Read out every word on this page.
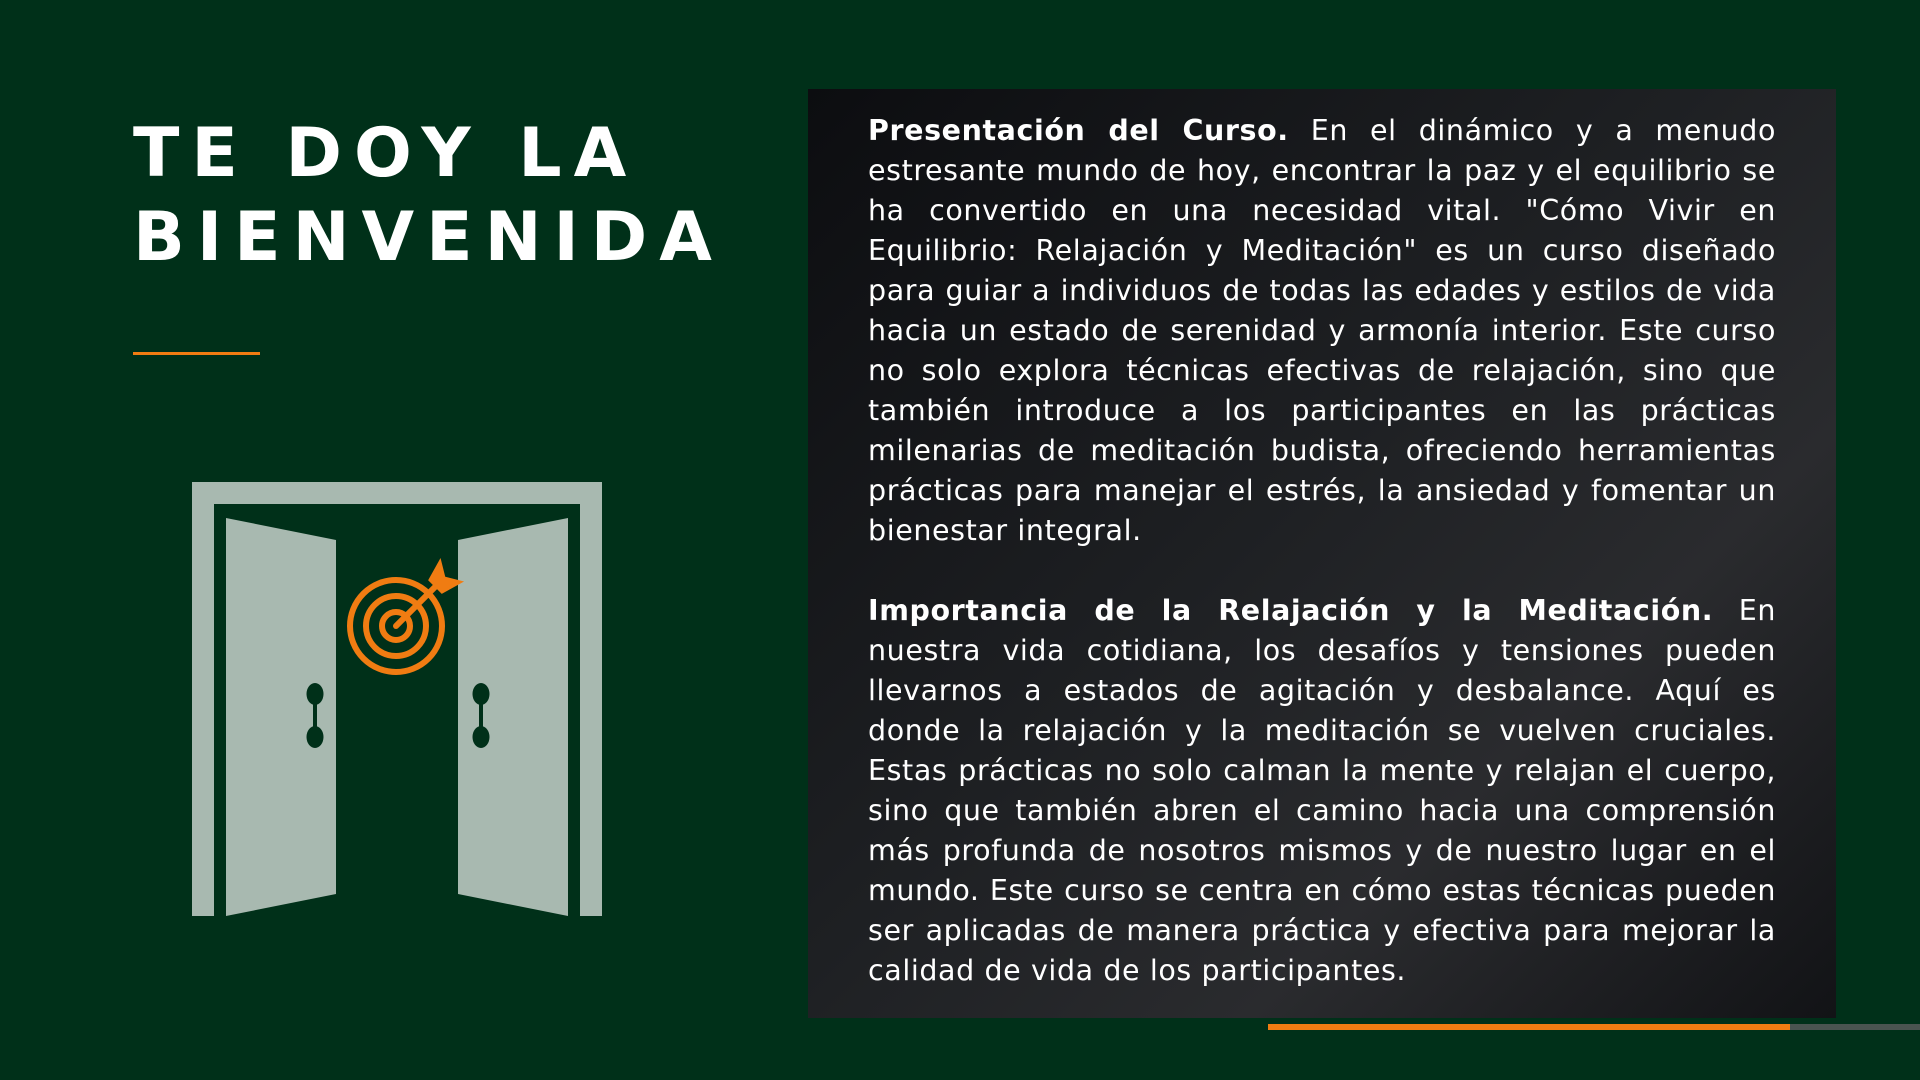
TE DOY LA
BIENVENIDA

Presentación del Curso. En el dinámico y a menudo estresante mundo de hoy, encontrar la paz y el equilibrio se ha convertido en una necesidad vital. "Cómo Vivir en Equilibrio: Relajación y Meditación" es un curso diseñado para guiar a individuos de todas las edades y estilos de vida hacia un estado de serenidad y armonía interior. Este curso no solo explora técnicas efectivas de relajación, sino que también introduce a los participantes en las prácticas milenarias de meditación budista, ofreciendo herramientas prácticas para manejar el estrés, la ansiedad y fomentar un bienestar integral.

Importancia de la Relajación y la Meditación. En nuestra vida cotidiana, los desafíos y tensiones pueden llevarnos a estados de agitación y desbalance. Aquí es donde la relajación y la meditación se vuelven cruciales. Estas prácticas no solo calman la mente y relajan el cuerpo, sino que también abren el camino hacia una comprensión más profunda de nosotros mismos y de nuestro lugar en el mundo. Este curso se centra en cómo estas técnicas pueden ser aplicadas de manera práctica y efectiva para mejorar la calidad de vida de los participantes.
